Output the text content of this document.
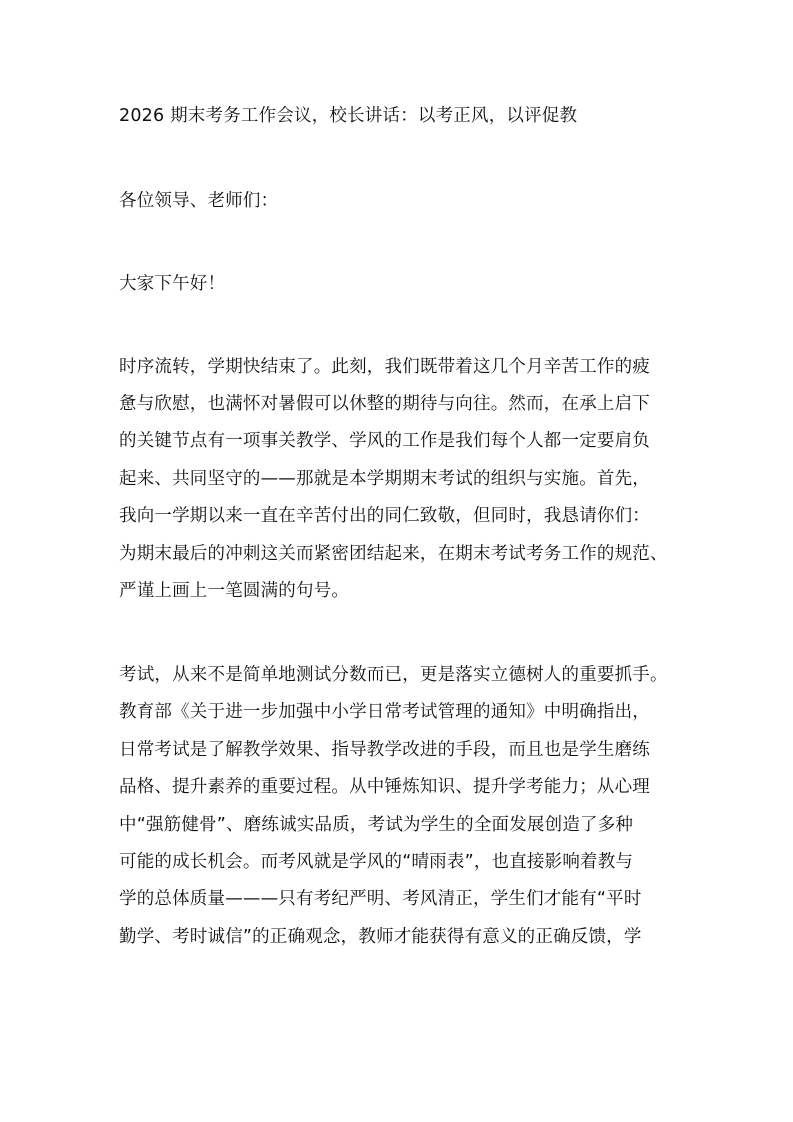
2026 期末考务工作会议，校长讲话：以考正风，以评促教
各位领导、老师们：
大家下午好！
时序流转，学期快结束了。此刻，我们既带着这几个月辛苦工作的疲
惫与欣慰，也满怀对暑假可以休整的期待与向往。然而，在承上启下
的关键节点有一项事关教学、学风的工作是我们每个人都一定要肩负
起来、共同坚守的——那就是本学期期末考试的组织与实施。首先，
我向一学期以来一直在辛苦付出的同仁致敬，但同时，我恳请你们：
为期末最后的冲刺这关而紧密团结起来，在期末考试考务工作的规范、
严谨上画上一笔圆满的句号。
考试，从来不是简单地测试分数而已，更是落实立德树人的重要抓手。
教育部《关于进一步加强中小学日常考试管理的通知》中明确指出，
日常考试是了解教学效果、指导教学改进的手段，而且也是学生磨练
品格、提升素养的重要过程。从中锤炼知识、提升学考能力；从心理
中“强筋健骨”、磨练诚实品质，考试为学生的全面发展创造了多种
可能的成长机会。而考风就是学风的“晴雨表”，也直接影响着教与
学的总体质量———只有考纪严明、考风清正，学生们才能有“平时
勤学、考时诚信”的正确观念，教师才能获得有意义的正确反馈，学
